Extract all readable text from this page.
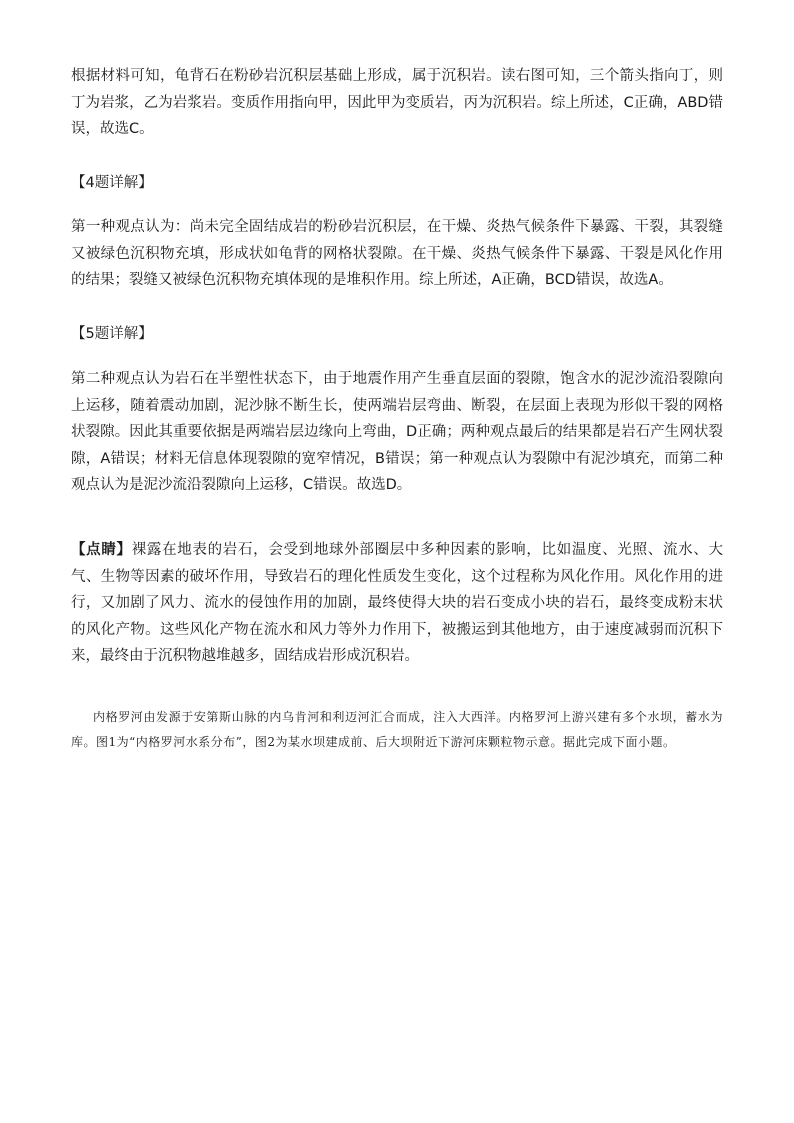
根据材料可知，龟背石在粉砂岩沉积层基础上形成，属于沉积岩。读右图可知，三个箭头指向丁，则丁为岩浆，乙为岩浆岩。变质作用指向甲，因此甲为变质岩，丙为沉积岩。综上所述，C正确，ABD错误，故选C。

【4题详解】

第一种观点认为：尚未完全固结成岩的粉砂岩沉积层，在干燥、炎热气候条件下暴露、干裂，其裂缝又被绿色沉积物充填，形成状如龟背的网格状裂隙。在干燥、炎热气候条件下暴露、干裂是风化作用的结果；裂缝又被绿色沉积物充填体现的是堆积作用。综上所述，A正确，BCD错误，故选A。

【5题详解】

第二种观点认为岩石在半塑性状态下，由于地震作用产生垂直层面的裂隙，饱含水的泥沙流沿裂隙向上运移，随着震动加剧，泥沙脉不断生长，使两端岩层弯曲、断裂，在层面上表现为形似干裂的网格状裂隙。因此其重要依据是两端岩层边缘向上弯曲，D正确；两种观点最后的结果都是岩石产生网状裂隙，A错误；材料无信息体现裂隙的宽窄情况，B错误；第一种观点认为裂隙中有泥沙填充，而第二种观点认为是泥沙流沿裂隙向上运移，C错误。故选D。

【点睛】裸露在地表的岩石，会受到地球外部圈层中多种因素的影响，比如温度、光照、流水、大气、生物等因素的破坏作用，导致岩石的理化性质发生变化，这个过程称为风化作用。风化作用的进行，又加剧了风力、流水的侵蚀作用的加剧，最终使得大块的岩石变成小块的岩石，最终变成粉末状的风化产物。这些风化产物在流水和风力等外力作用下，被搬运到其他地方，由于速度减弱而沉积下来，最终由于沉积物越堆越多，固结成岩形成沉积岩。

内格罗河由发源于安第斯山脉的内乌肯河和利迈河汇合而成，注入大西洋。内格罗河上游兴建有多个水坝，蓄水为库。图1为“内格罗河水系分布”，图2为某水坝建成前、后大坝附近下游河床颗粒物示意。据此完成下面小题。
